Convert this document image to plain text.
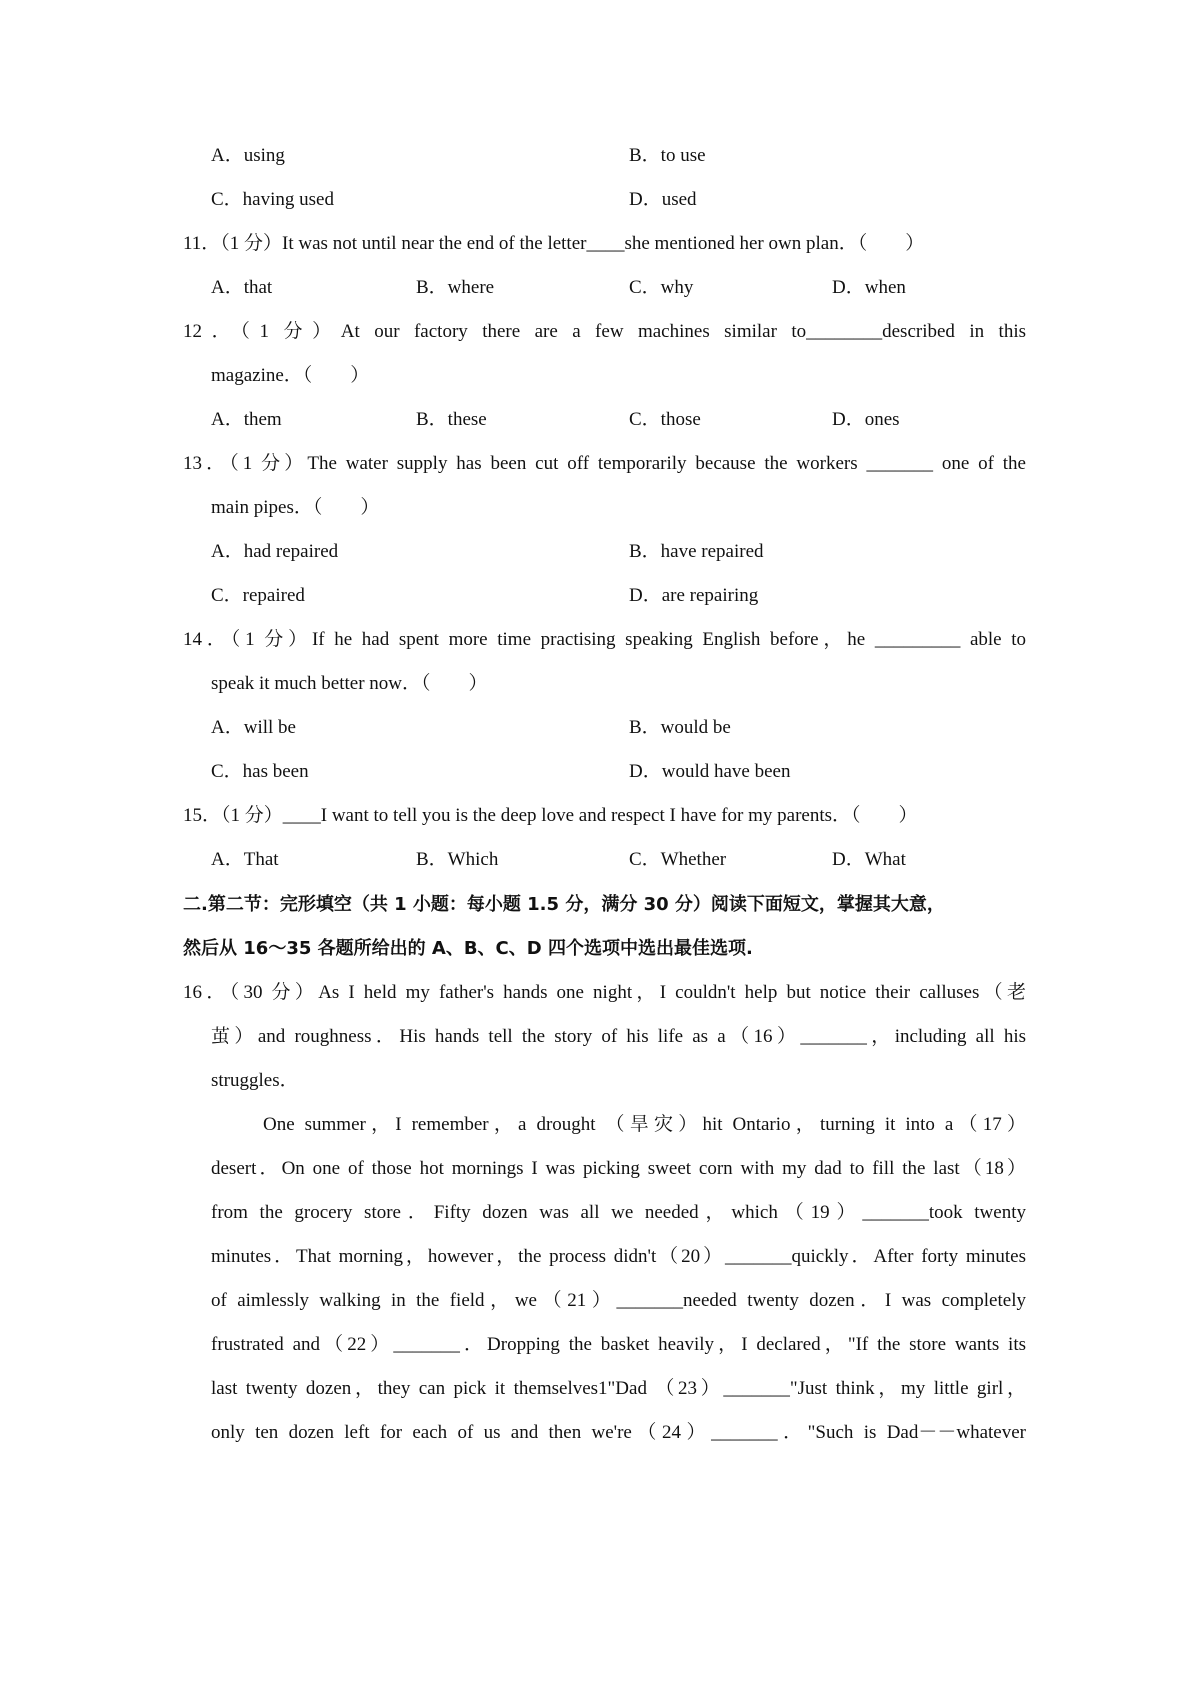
A．using	B．to use
C．having used	D．used
11．（1 分）It was not until near the end of the letter____she mentioned her own plan．（　　）
A．that	B．where	C．why	D．when
12．（1 分）At our factory there are a few machines similar to________described in this
magazine．（　　）
A．them	B．these	C．those	D．ones
13．（1 分）The water supply has been cut off temporarily because the workers _______ one of the
main pipes．（　　）
A．had repaired	B．have repaired
C．repaired	D．are repairing
14．（1 分）If he had spent more time practising speaking English before，he _________ able to
speak it much better now．（　　）
A．will be	B．would be
C．has been	D．would have been
15．（1 分）____I want to tell you is the deep love and respect I have for my parents．（　　）
A．That	B．Which	C．Whether	D．What
二.第二节：完形填空（共 1 小题：每小题 1.5 分，满分 30 分）阅读下面短文，掌握其大意，
然后从 16～35 各题所给出的 A、B、C、D 四个选项中选出最佳选项.
16．（30 分）As I held my father's hands one night，I couldn't help but notice their calluses（老
茧）and roughness．His hands tell the story of his life as a（16）_______，including all his
struggles．
One summer，I remember，a drought （旱灾）hit Ontario，turning it into a（17）
desert．On one of those hot mornings I was picking sweet corn with my dad to fill the last（18）
from the grocery store．Fifty dozen was all we needed，which（19）_______took twenty
minutes．That morning，however，the process didn't（20）_______quickly．After forty minutes
of aimlessly walking in the field，we（21）_______needed twenty dozen．I was completely
frustrated and（22）_______．Dropping the basket heavily，I declared，"If the store wants its
last twenty dozen，they can pick it themselves1"Dad （23）_______"Just think，my little girl，
only ten dozen left for each of us and then we're（24）_______．"Such is Dad－－whatever
